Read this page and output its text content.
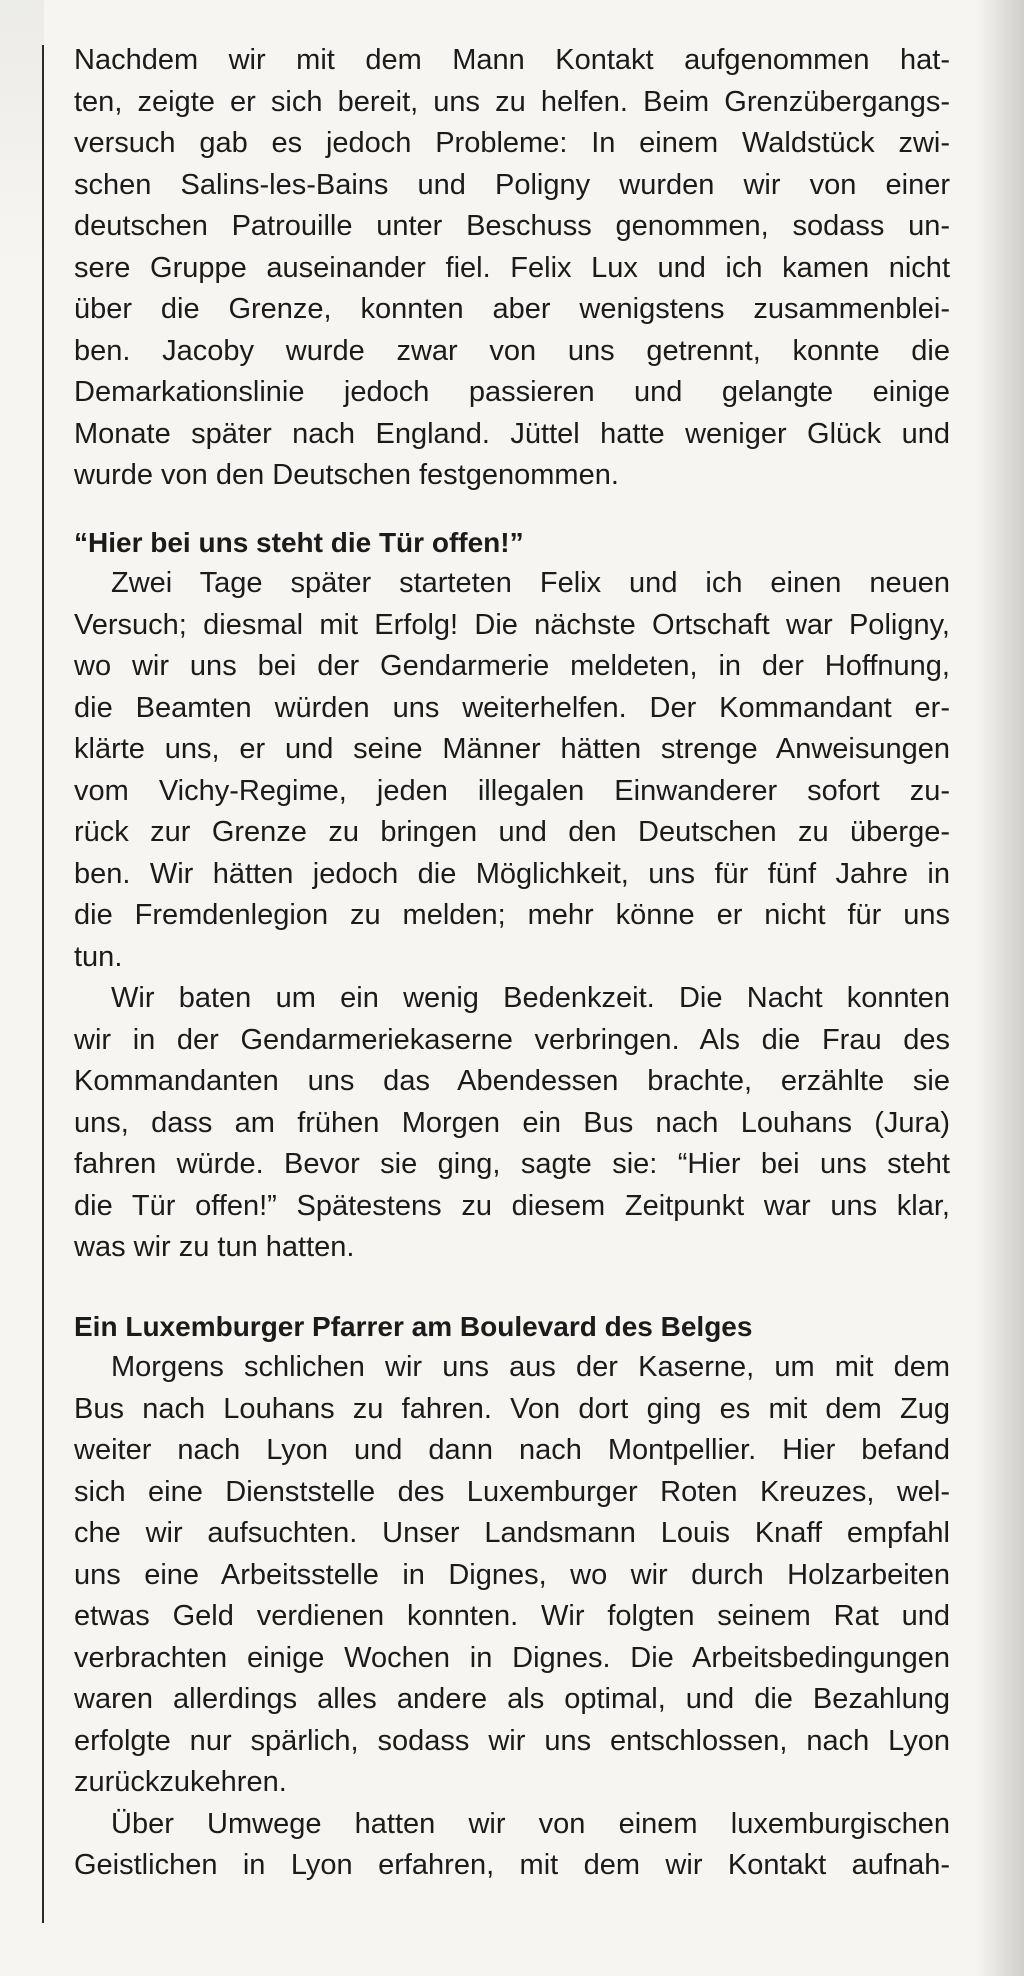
Nachdem wir mit dem Mann Kontakt aufgenommen hat-
ten, zeigte er sich bereit, uns zu helfen. Beim Grenzübergangs-
versuch gab es jedoch Probleme: In einem Waldstück zwi-
schen Salins-les-Bains und Poligny wurden wir von einer
deutschen Patrouille unter Beschuss genommen, sodass un-
sere Gruppe auseinander fiel. Felix Lux und ich kamen nicht
über die Grenze, konnten aber wenigstens zusammenblei-
ben. Jacoby wurde zwar von uns getrennt, konnte die
Demarkationslinie jedoch passieren und gelangte einige
Monate später nach England. Jüttel hatte weniger Glück und
wurde von den Deutschen festgenommen.
“Hier bei uns steht die Tür offen!”
Zwei Tage später starteten Felix und ich einen neuen
Versuch; diesmal mit Erfolg! Die nächste Ortschaft war Poligny,
wo wir uns bei der Gendarmerie meldeten, in der Hoffnung,
die Beamten würden uns weiterhelfen. Der Kommandant er-
klärte uns, er und seine Männer hätten strenge Anweisungen
vom Vichy-Regime, jeden illegalen Einwanderer sofort zu-
rück zur Grenze zu bringen und den Deutschen zu überge-
ben. Wir hätten jedoch die Möglichkeit, uns für fünf Jahre in
die Fremdenlegion zu melden; mehr könne er nicht für uns
tun.
Wir baten um ein wenig Bedenkzeit. Die Nacht konnten
wir in der Gendarmeriekaserne verbringen. Als die Frau des
Kommandanten uns das Abendessen brachte, erzählte sie
uns, dass am frühen Morgen ein Bus nach Louhans (Jura)
fahren würde. Bevor sie ging, sagte sie: “Hier bei uns steht
die Tür offen!” Spätestens zu diesem Zeitpunkt war uns klar,
was wir zu tun hatten.
Ein Luxemburger Pfarrer am Boulevard des Belges
Morgens schlichen wir uns aus der Kaserne, um mit dem
Bus nach Louhans zu fahren. Von dort ging es mit dem Zug
weiter nach Lyon und dann nach Montpellier. Hier befand
sich eine Dienststelle des Luxemburger Roten Kreuzes, wel-
che wir aufsuchten. Unser Landsmann Louis Knaff empfahl
uns eine Arbeitsstelle in Dignes, wo wir durch Holzarbeiten
etwas Geld verdienen konnten. Wir folgten seinem Rat und
verbrachten einige Wochen in Dignes. Die Arbeitsbedingungen
waren allerdings alles andere als optimal, und die Bezahlung
erfolgte nur spärlich, sodass wir uns entschlossen, nach Lyon
zurückzukehren.
Über Umwege hatten wir von einem luxemburgischen
Geistlichen in Lyon erfahren, mit dem wir Kontakt aufnah-
